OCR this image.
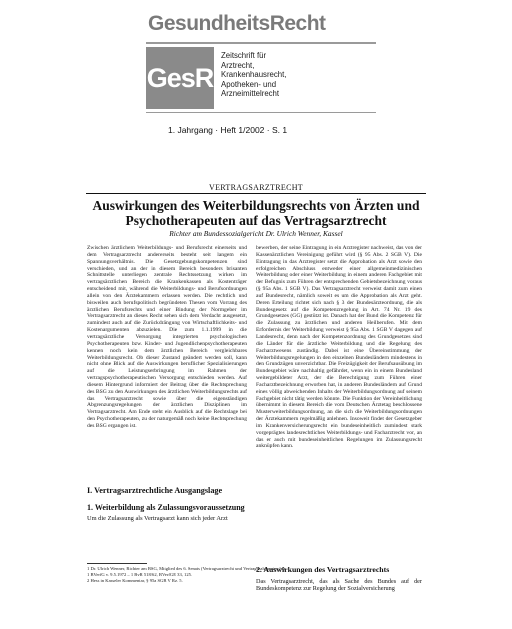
GesundheitsRecht
GesR
Zeitschrift für
Arztrecht,
Krankenhausrecht,
Apotheken- und
Arzneimittelrecht
1. Jahrgang · Heft 1/2002 · S. 1
VERTRAGSARZTRECHT
Auswirkungen des Weiterbildungsrechts von Ärzten und
Psychotherapeuten auf das Vertragsarztrecht
Richter am Bundessozialgericht Dr. Ulrich Wenner, Kassel

Zwischen ärztlichem Weiterbildungs- und Berufsrecht einerseits und dem Vertragsarztrecht andererseits besteht seit langem ein Spannungsverhältnis. Die Gesetzgebungskompetenzen sind verschieden, und an der in diesem Bereich besonders brisanten Schnittstelle unterliegen zentrale Rechtssetzung wirken im vertragsärztlichen Bereich die Krankenkassen als Kostenträger entscheidend mit, während die Weiterbildungs- und Berufsordnungen allein von den Ärztekammern erlassen werden. Die rechtlich und bisweilen auch berufspolitisch begründeten Thesen vom Vorrang des ärztlichen Berufsrechts und einer Bindung der Normgeber im Vertragsarztrecht an dieses Recht sehen sich dem Verdacht ausgesetzt, zumindest auch auf die Zurückdrängung von Wirtschaftlichkeits- und Kostenargumenten abzuzielen. Die zum 1.1.1999 in die vertragsärztliche Versorgung integrierten psychologischen Psychotherapeuten bzw. Kinder- und Jugendlichenpsychotherapeuten kennen noch kein dem ärztlichen Bereich vergleichbares Weiterbildungsrecht. Ob dieser Zustand geändert werden soll, kann nicht ohne Blick auf die Auswirkungen beruflicher Spezialisierungen auf die Leistungserbringung im Rahmen der vertragspsychotherapeutischen Versorgung entschieden werden. Auf diesem Hintergrund informiert der Beitrag über die Rechtsprechung des BSG zu den Auswirkungen des ärztlichen Weiterbildungsrechts auf das Vertragsarztrecht sowie über die eigenständigen Abgrenzungsregelungen der ärztlichen Disziplinen im Vertragsarztrecht. Am Ende steht ein Ausblick auf die Rechtslage bei den Psychotherapeuten, zu der naturgemäß noch keine Rechtsprechung des BSG ergangen ist.

bewerben, der seine Eintragung in ein Arztregister nachweist, das von der Kassenärztlichen Vereinigung geführt wird (§ 95 Abs. 2 SGB V). Die Eintragung in das Arztregister setzt die Approbation als Arzt sowie den erfolgreichen Abschluss entweder einer allgemeinmedizinischen Weiterbildung oder einer Weiterbildung in einem anderen Fachgebiet mit der Befugnis zum Führen der entsprechenden Gebietsbezeichnung voraus (§ 95a Abs. 1 SGB V). Das Vertragsarztrecht verweist damit zum einen auf Bundesrecht, nämlich soweit es um die Approbation als Arzt geht. Deren Erteilung richtet sich nach § 3 der Bundesärzteordnung, die als Bundesgesetz auf die Kompetenzregelung in Art. 74 Nr. 19 des Grundgesetzes (GG) gestützt ist. Danach hat der Bund die Kompetenz für die Zulassung zu ärztlichen und anderen Heilberufen. Mit dem Erfordernis der Weiterbildung verweist § 95a Abs. 1 SGB V dagegen auf Landesrecht, denn nach der Kompetenzordnung des Grundgesetzes sind die Länder für die ärztliche Weiterbildung und die Regelung des Facharztwesens zuständig. Dabei ist eine Übereinstimmung der Weiterbildungsregelungen in den einzelnen Bundesländern mindestens in den Grundzügen unverzichtbar. Die Freizügigkeit der Berufsausübung im Bundesgebiet wäre nachhaltig gefährdet, wenn ein in einem Bundesland weitergebildeter Arzt, der die Berechtigung zum Führen einer Facharztbezeichnung erworben hat, in anderen Bundesländern auf Grund eines völlig abweichenden Inhalts der Weiterbildungsordnung auf seinem Fachgebiet nicht tätig werden könnte. Die Funktion der Vereinheitlichung übernimmt in diesem Bereich die vom Deutschen Ärztetag beschlossene Musterweiterbildungsordnung, an die sich die Weiterbildungsordnungen der Ärztekammern regelmäßig anlehnen. Insoweit findet der Gesetzgeber im Krankenversicherungsrecht ein bundeseinheitlich zumindest stark vorgeprägtes landesrechtliches Weiterbildungs- und Facharztrecht vor, an das er auch mit bundeseinheitlichen Regelungen im Zulassungsrecht anknüpfen kann.

I. Vertragsarztrechtliche Ausgangslage
1. Weiterbildung als Zulassungsvoraussetzung
Um die Zulassung als Vertragsarzt kann sich jeder Arzt
1 Dr. Ulrich Wenner, Richter am BSG, Mitglied des 6. Senats (Vertragsarztrecht und Vertragszahnarztrecht).
1 BVerfG v. 9.5.1972 – 1 BvR 518/62, BVerfGE 33, 125.
2 Hess in Kasseler Kommentar, § 95a SGB V Rz. 5.
2. Auswirkungen des Vertragsarztrechts
Das Vertragsarztrecht, das als Sache des Bundes auf der Bundeskompetenz zur Regelung der Sozialversicherung
